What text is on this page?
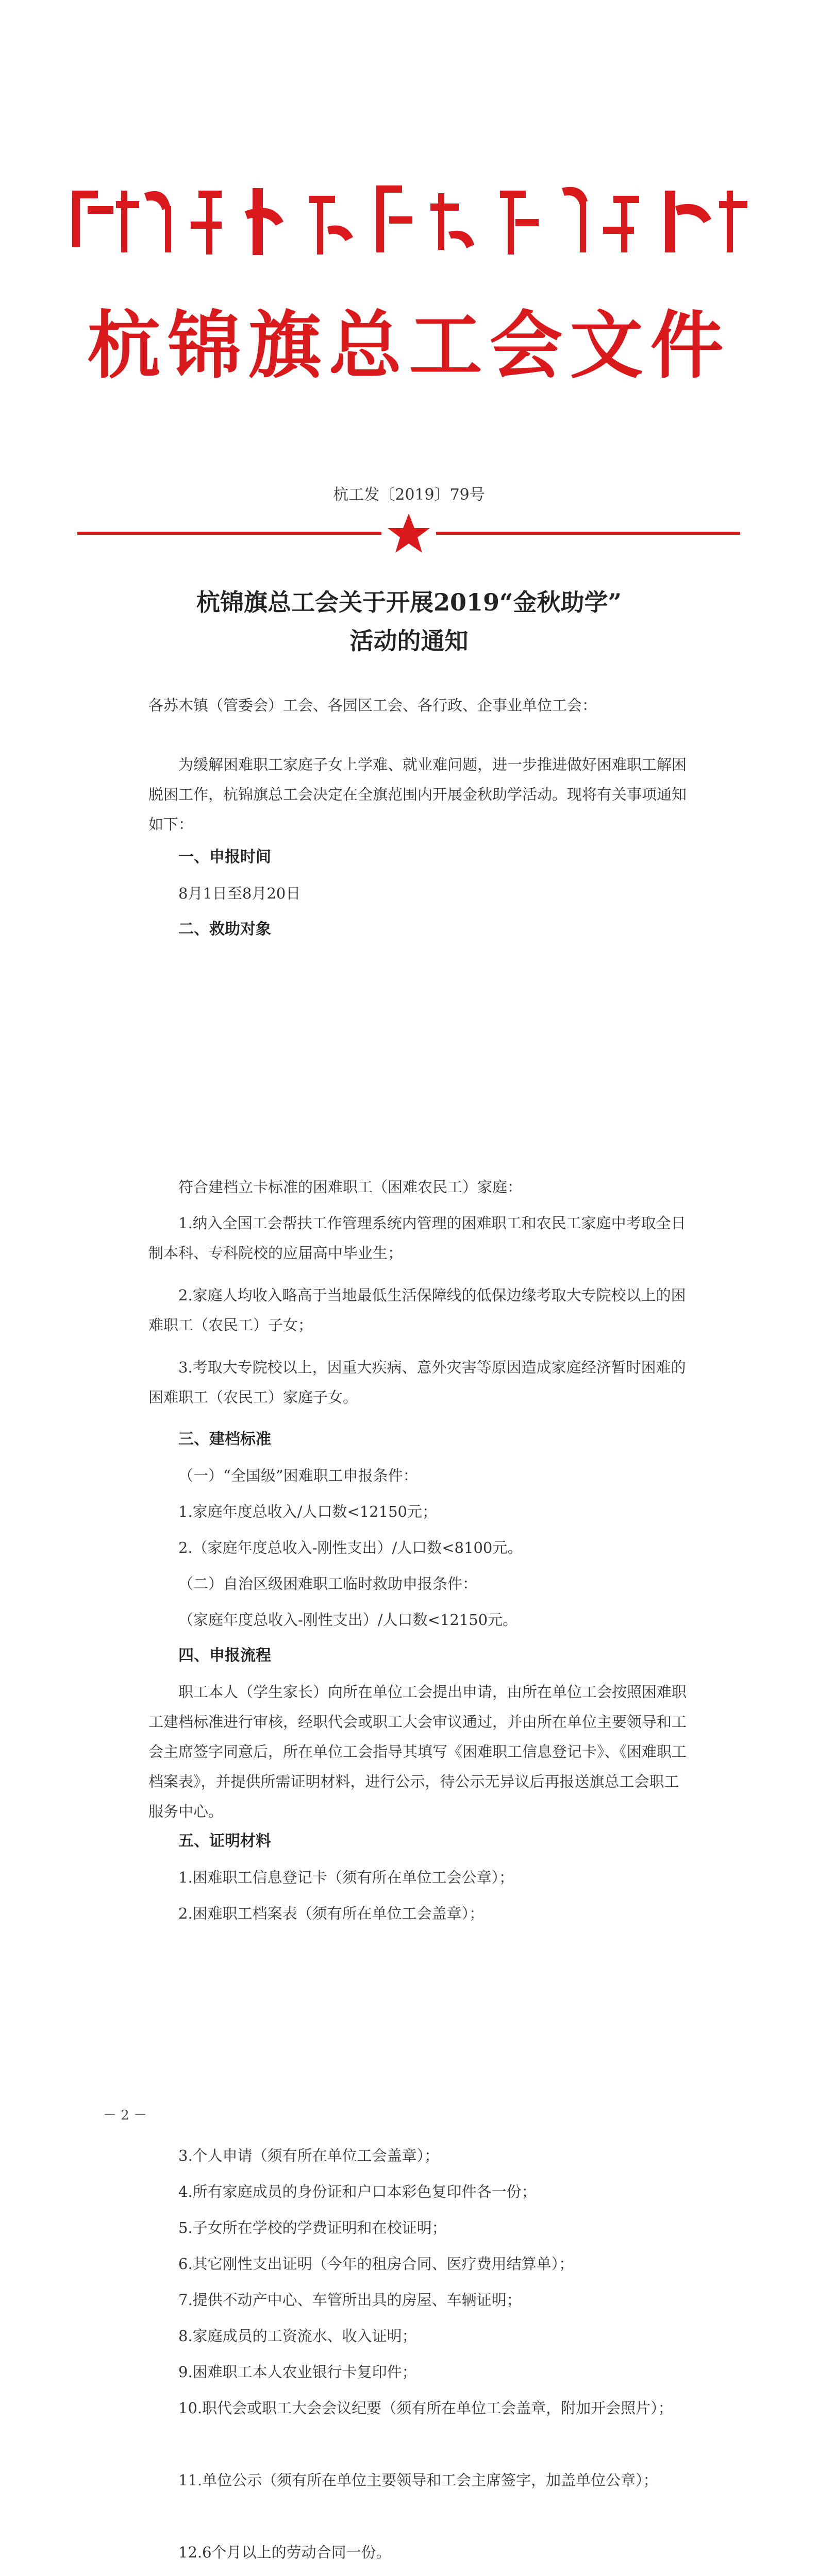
杭锦旗总工会文件
杭工发〔2019〕79号
杭锦旗总工会关于开展2019“金秋助学”
活动的通知

各苏木镇（管委会）工会、各园区工会、各行政、企事业单位工会：

为缓解困难职工家庭子女上学难、就业难问题，进一步推进做好困难职工解困脱困工作，杭锦旗总工会决定在全旗范围内开展金秋助学活动。现将有关事项通知如下：

一、申报时间
8月1日至8月20日
二、救助对象

符合建档立卡标准的困难职工（困难农民工）家庭：

1.纳入全国工会帮扶工作管理系统内管理的困难职工和农民工家庭中考取全日制本科、专科院校的应届高中毕业生；

2.家庭人均收入略高于当地最低生活保障线的低保边缘考取大专院校以上的困难职工（农民工）子女；

3.考取大专院校以上，因重大疾病、意外灾害等原因造成家庭经济暂时困难的困难职工（农民工）家庭子女。

三、建档标准
（一）“全国级”困难职工申报条件：
1.家庭年度总收入/人口数<12150元；
2.（家庭年度总收入-刚性支出）/人口数<8100元。
（二）自治区级困难职工临时救助申报条件：
（家庭年度总收入-刚性支出）/人口数<12150元。
四、申报流程

职工本人（学生家长）向所在单位工会提出申请，由所在单位工会按照困难职工建档标准进行审核，经职代会或职工大会审议通过，并由所在单位主要领导和工会主席签字同意后，所在单位工会指导其填写《困难职工信息登记卡》、《困难职工档案表》，并提供所需证明材料，进行公示，待公示无异议后再报送旗总工会职工服务中心。

五、证明材料
1.困难职工信息登记卡（须有所在单位工会公章）；
2.困难职工档案表（须有所在单位工会盖章）；
－ 2 －
3.个人申请（须有所在单位工会盖章）；
4.所有家庭成员的身份证和户口本彩色复印件各一份；
5.子女所在学校的学费证明和在校证明；
6.其它刚性支出证明（今年的租房合同、医疗费用结算单）；
7.提供不动产中心、车管所出具的房屋、车辆证明；
8.家庭成员的工资流水、收入证明；
9.困难职工本人农业银行卡复印件；

10.职代会或职工大会会议纪要（须有所在单位工会盖章，附加开会照片）；

11.单位公示（须有所在单位主要领导和工会主席签字，加盖单位公章）；

12.6个月以上的劳动合同一份。
